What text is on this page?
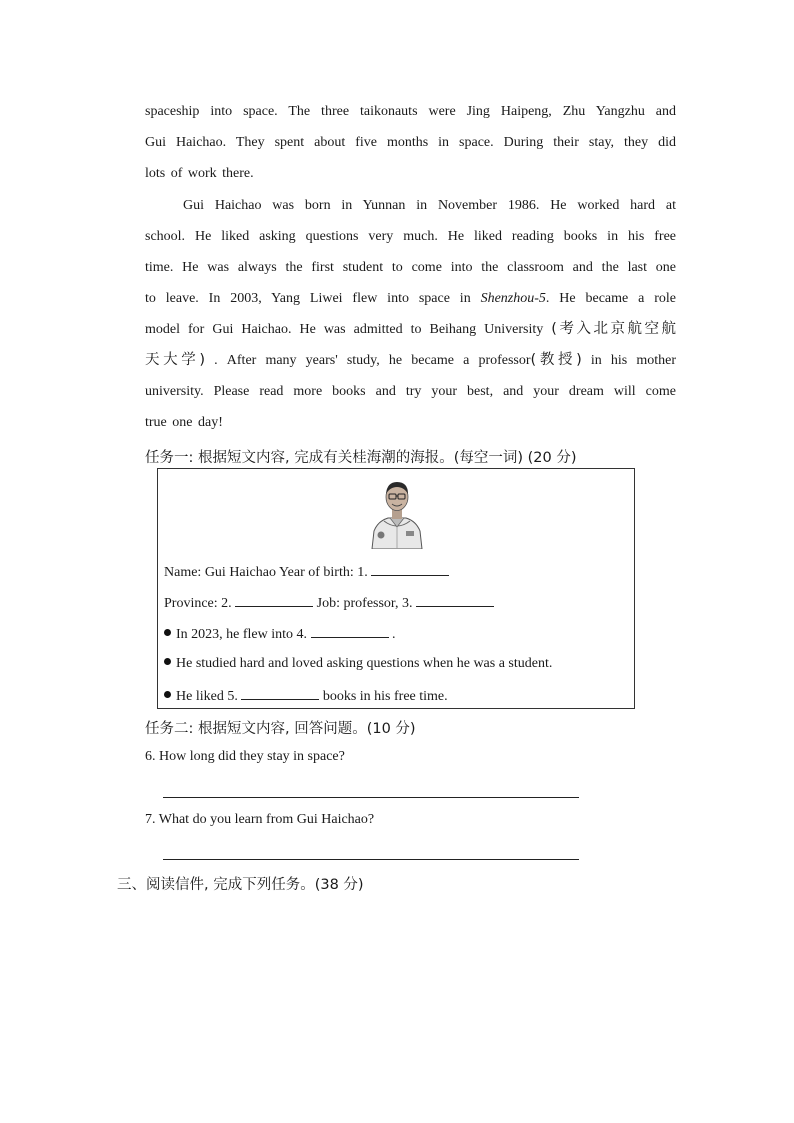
spaceship into space. The three taikonauts were Jing Haipeng, Zhu Yangzhu and
Gui Haichao. They spent about five months in space. During their stay, they did
lots of work there.
Gui Haichao was born in Yunnan in November 1986. He worked hard at
school. He liked asking questions very much. He liked reading books in his free
time. He was always the first student to come into the classroom and the last one
to leave. In 2003, Yang Liwei flew into space in Shenzhou-5. He became a role
model for Gui Haichao. He was admitted to Beihang University (考入北京航空航
天大学) . After many years' study, he became a professor(教授) in his mother
university. Please read more books and try your best, and your dream will come
true one day!
任务一: 根据短文内容, 完成有关桂海潮的海报。(每空一词) (20 分)
Name: Gui Haichao Year of birth: 1.
Province: 2.	Job: professor, 3.
In 2023, he flew into 4.	.
He studied hard and loved asking questions when he was a student.
He liked 5.	books in his free time.
任务二: 根据短文内容, 回答问题。(10 分)
6. How long did they stay in space?
7. What do you learn from Gui Haichao?
三、阅读信件, 完成下列任务。(38 分)
